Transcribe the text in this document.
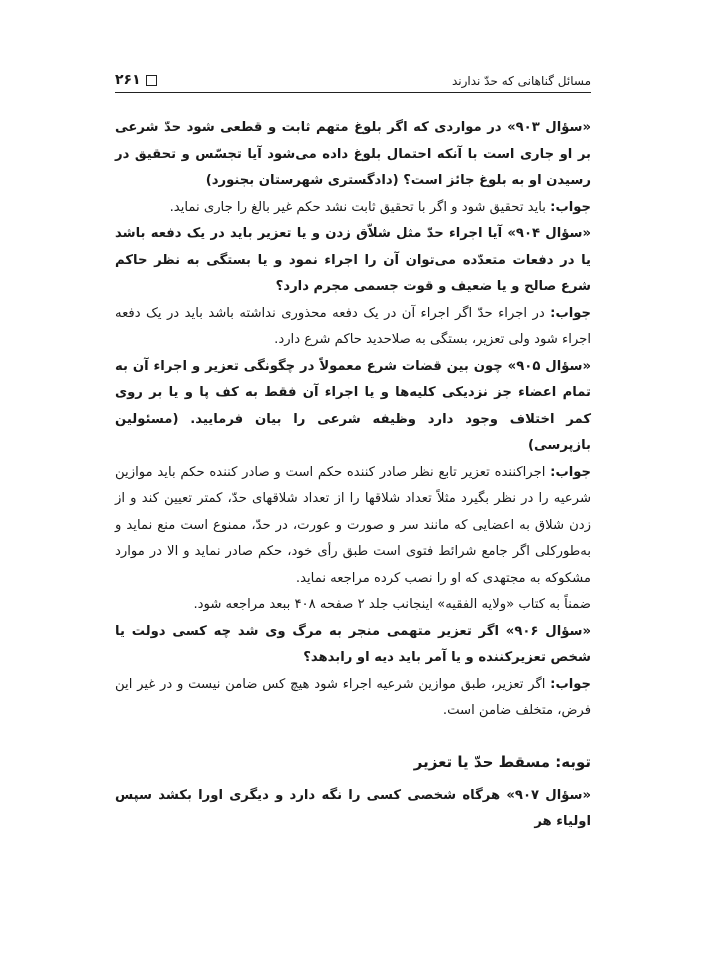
مسائل گناهانی که حدّ ندارند
۲۶۱

«سؤال ۹۰۳» در مواردی که اگر بلوغ متهم ثابت و قطعی شود حدّ شرعی بر او جاری است با آنکه احتمال بلوغ داده می‌شود آیا تجسّس و تحقیق در رسیدن او به بلوغ جائز است؟ (دادگستری شهرستان بجنورد)

جواب: باید تحقیق شود و اگر با تحقیق ثابت نشد حکم غیر بالغ را جاری نماید.

«سؤال ۹۰۴» آیا اجراء حدّ مثل شلاّق زدن و یا تعزیر باید در یک دفعه باشد یا در دفعات متعدّده می‌توان آن را اجراء نمود و یا بستگی به نظر حاکم شرع صالح و یا ضعیف و قوت جسمی مجرم دارد؟

جواب: در اجراء حدّ اگر اجراء آن در یک دفعه محذوری نداشته باشد باید در یک دفعه اجراء شود ولی تعزیر، بستگی به صلاحدید حاکم شرع دارد.

«سؤال ۹۰۵» چون بین قضات شرع معمولاً در چگونگی تعزیر و اجراء آن به تمام اعضاء جز نزدیکی کلیه‌ها و یا اجراء آن فقط به کف پا و یا بر روی کمر اختلاف وجود دارد وظیفه شرعی را بیان فرمایید. (مسئولین بازپرسی)

جواب: اجراکننده تعزیر تابع نظر صادر کننده حکم است و صادر کننده حکم باید موازین شرعیه را در نظر بگیرد مثلاً تعداد شلاقها را از تعداد شلاقهای حدّ، کمتر تعیین کند و از زدن شلاق به اعضایی که مانند سر و صورت و عورت، در حدّ، ممنوع است منع نماید و به‌طورکلی اگر جامع شرائط فتوی است طبق رأی خود، حکم صادر نماید و الا در موارد مشکوکه به مجتهدی که او را نصب کرده مراجعه نماید.

ضمناً به کتاب «ولایه الفقیه» اینجانب جلد ۲ صفحه ۴۰۸ ببعد مراجعه شود.

«سؤال ۹۰۶» اگر تعزیر متهمی منجر به مرگ وی شد چه کسی دولت یا شخص تعزیرکننده و یا آمر باید دیه او رابدهد؟

جواب: اگر تعزیر، طبق موازین شرعیه اجراء شود هیچ کس ضامن نیست و در غیر این فرض، متخلف ضامن است.

توبه: مسقط حدّ یا تعزیر

«سؤال ۹۰۷» هرگاه شخصی کسی را نگه دارد و دیگری اورا بکشد سپس اولیاء هر
